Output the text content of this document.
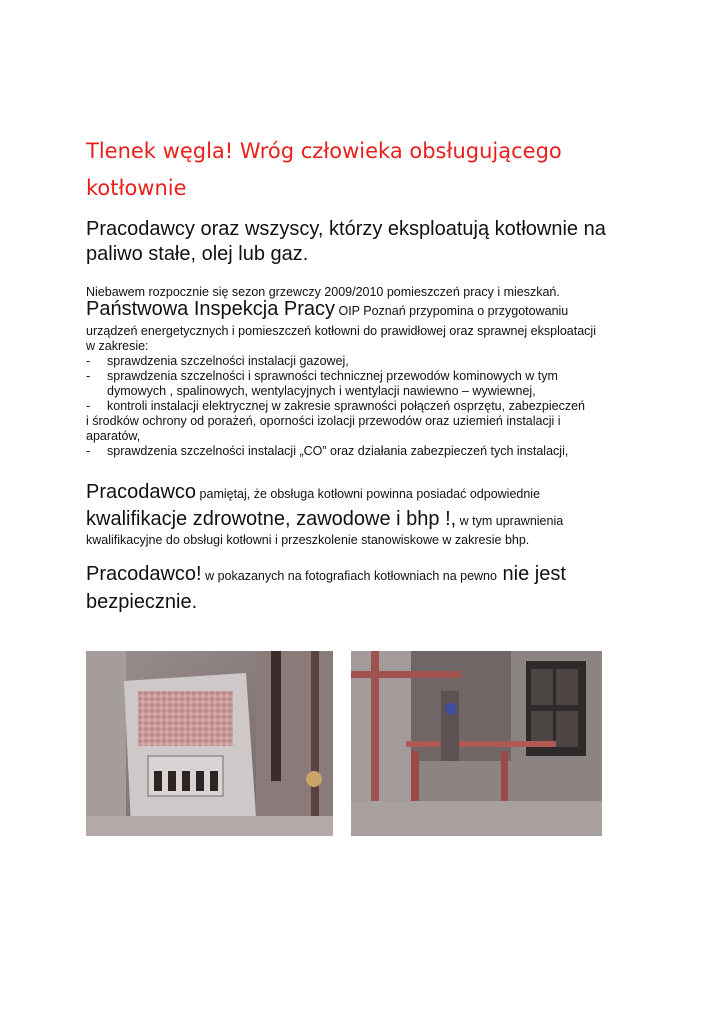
Tlenek węgla! Wróg człowieka obsługującego kotłownie
Pracodawcy oraz wszyscy, którzy eksploatują kotłownie na paliwo stałe, olej lub gaz.
Niebawem rozpocznie się sezon grzewczy 2009/2010 pomieszczeń pracy i mieszkań.
Państwowa Inspekcja Pracy OIP Poznań przypomina o przygotowaniu
urządzeń energetycznych i pomieszczeń kotłowni do prawidłowej oraz sprawnej eksploatacji
w zakresie:
- sprawdzenia szczelności instalacji gazowej,
- sprawdzenia szczelności i sprawności technicznej przewodów kominowych w tym
dymowych , spalinowych, wentylacyjnych i wentylacji nawiewno – wywiewnej,
- kontroli instalacji elektrycznej w zakresie sprawności połączeń osprzętu, zabezpieczeń
i środków ochrony od porażeń, oporności izolacji przewodów oraz uziemień instalacji i
aparatów,
- sprawdzenia szczelności instalacji „CO” oraz działania zabezpieczeń tych instalacji,
Pracodawco pamiętaj, że obsługa kotłowni powinna posiadać odpowiednie
kwalifikacje zdrowotne, zawodowe i bhp !, w tym uprawnienia
kwalifikacyjne do obsługi kotłowni i przeszkolenie stanowiskowe w zakresie bhp.
Pracodawco! w pokazanych na fotografiach kotłowniach na pewno nie jest
bezpiecznie.
